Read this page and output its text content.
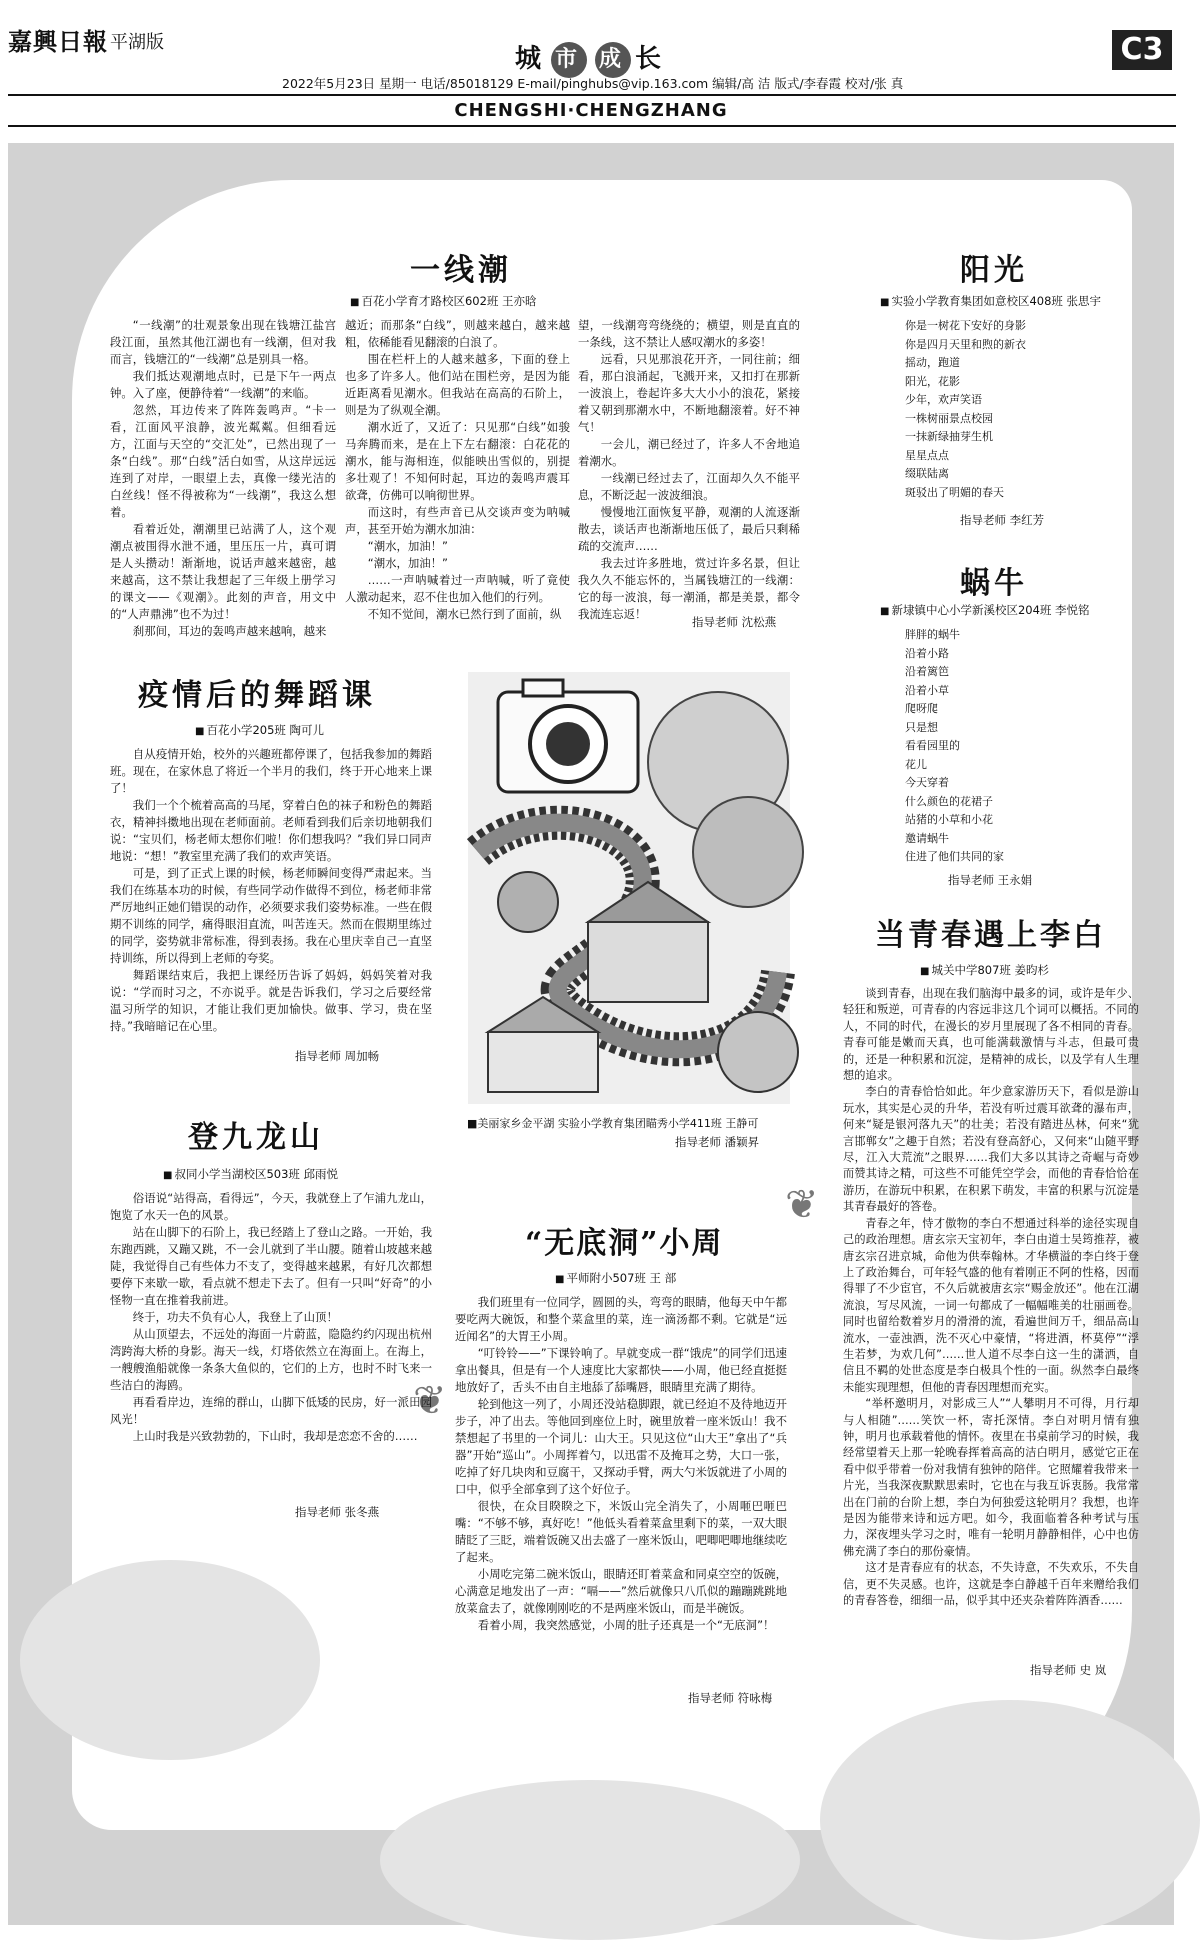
嘉興日報 平湖版
城 市 成 长	C3
2022年5月23日 星期一 电话/85018129 E-mail/pinghubs@vip.163.com 编辑/高 洁 版式/李春霞 校对/张 真
CHENGSHI·CHENGZHANG
❦
❦
一线潮
■ 百花小学育才路校区602班 王亦晗

“一线潮”的壮观景象出现在钱塘江盐宫段江面，虽然其他江湖也有一线潮，但对我而言，钱塘江的“一线潮”总是别具一格。

我们抵达观潮地点时，已是下午一两点钟。入了座，便静待着“一线潮”的来临。

忽然，耳边传来了阵阵轰鸣声。“卡一看，江面风平浪静，波光粼粼。但细看远方，江面与天空的“交汇处”，已然出现了一条“白线”。那“白线”活白如雪，从这岸远远连到了对岸，一眼望上去，真像一缕光洁的白丝线！怪不得被称为“一线潮”，我这么想着。

看着近处，潮潮里已站满了人，这个观潮点被围得水泄不通，里压压一片，真可谓是人头攒动！渐渐地，说话声越来越密，越来越高，这不禁让我想起了三年级上册学习的课文——《观潮》。此刻的声音，用文中的“人声鼎沸”也不为过！

刹那间，耳边的轰鸣声越来越响，越来

越近；而那条“白线”，则越来越白，越来越粗，依稀能看见翻滚的白浪了。

围在栏杆上的人越来越多，下面的登上也多了许多人。他们站在围栏旁，是因为能近距离看见潮水。但我站在高高的石阶上，则是为了纵观全潮。

潮水近了，又近了：只见那“白线”如骏马奔腾而来，是在上下左右翻滚：白花花的潮水，能与海相连，似能映出雪似的，别提多壮观了！不知何时起，耳边的轰鸣声震耳欲聋，仿佛可以响彻世界。

而这时，有些声音已从交谈声变为呐喊声，甚至开始为潮水加油：

“潮水，加油！”

“潮水，加油！”

……一声呐喊着过一声呐喊，听了竟使人激动起来，忍不住也加入他们的行列。

不知不觉间，潮水已然行到了面前，纵

望，一线潮弯弯绕绕的；横望，则是直直的一条线，这不禁让人感叹潮水的多姿！

远看，只见那浪花开齐，一同往前；细看，那白浪涌起，飞溅开来，又扣打在那新一波浪上，卷起许多大大小小的浪花，紧接着又朝到那潮水中，不断地翻滚着。好不神气！

一会儿，潮已经过了，许多人不舍地追着潮水。

一线潮已经过去了，江面却久久不能平息，不断泛起一波波细浪。

慢慢地江面恢复平静，观潮的人流逐渐散去，谈话声也渐渐地压低了，最后只剩稀疏的交流声……

我去过许多胜地，赏过许多名景，但让我久久不能忘怀的，当属钱塘江的一线潮：它的每一波浪，每一潮涌，都是美景，都令我流连忘返！

指导老师 沈松燕
阳光
■ 实验小学教育集团如意校区408班 张思宇
你是一树花下安好的身影
你是四月天里和煦的新衣
摇动，跑道
阳光，花影
少年，欢声笑语
一株树丽景点校园
一抹新绿抽芽生机
星星点点
缀联陆离
斑驳出了明媚的春天
指导老师 李红芳
蜗牛
■ 新埭镇中心小学新溪校区204班 李悦铭
胖胖的蜗牛
沿着小路
沿着篱笆
沿着小草
爬呀爬
只是想
看看园里的
花儿
今天穿着
什么颜色的花裙子
站猪的小草和小花
邀请蜗牛
住进了他们共同的家
指导老师 王永娟
疫情后的舞蹈课
■ 百花小学205班 陶可儿

自从疫情开始，校外的兴趣班都停课了，包括我参加的舞蹈班。现在，在家休息了将近一个半月的我们，终于开心地来上课了！

我们一个个梳着高高的马尾，穿着白色的袜子和粉色的舞蹈衣，精神抖擞地出现在老师面前。老师看到我们后亲切地朝我们说：“宝贝们，杨老师太想你们啦！你们想我吗？”我们异口同声地说：“想！”教室里充满了我们的欢声笑语。

可是，到了正式上课的时候，杨老师瞬间变得严肃起来。当我们在练基本功的时候，有些同学动作做得不到位，杨老师非常严厉地纠正她们错误的动作，必须要求我们姿势标准。一些在假期不训练的同学，痛得眼泪直流，叫苦连天。然而在假期里练过的同学，姿势就非常标准，得到表扬。我在心里庆幸自己一直坚持训练，所以得到上老师的夸奖。

舞蹈课结束后，我把上课经历告诉了妈妈，妈妈笑着对我说：“学而时习之，不亦说乎。就是告诉我们，学习之后要经常温习所学的知识，才能让我们更加愉快。做事、学习，贵在坚持。”我暗暗记在心里。

指导老师 周加畅
■美丽家乡金平湖 实验小学教育集团瞄秀小学411班 王静可
指导老师 潘颖昇
登九龙山
■ 叔同小学当湖校区503班 邱雨悦

俗语说“站得高，看得远”，今天，我就登上了乍浦九龙山，饱览了水天一色的风景。

站在山脚下的石阶上，我已经踏上了登山之路。一开始，我东跑西跳，又蹦又跳，不一会儿就到了半山腰。随着山坡越来越陡，我觉得自己有些体力不支了，变得越来越累，有好几次都想要停下来歇一歇，看点就不想走下去了。但有一只叫“好奇”的小怪物一直在推着我前进。

终于，功夫不负有心人，我登上了山顶！

从山顶望去，不远处的海面一片蔚蓝，隐隐约约闪现出杭州湾跨海大桥的身影。海天一线，灯塔依然立在海面上。在海上，一艘艘渔船就像一条条大鱼似的，它们的上方，也时不时飞来一些洁白的海鸥。

再看看岸边，连绵的群山，山脚下低矮的民房，好一派田园风光！

上山时我是兴致勃勃的，下山时，我却是恋恋不舍的……

指导老师 张冬燕
“无底洞”小周
■ 平师附小507班 王 部

我们班里有一位同学，圆圆的头，弯弯的眼睛，他每天中午都要吃两大碗饭，和整个菜盒里的菜，连一滴汤都不剩。它就是“远近闻名”的大胃王小周。

“叮铃铃——”下课铃响了。早就变成一群“饿虎”的同学们迅速拿出餐具，但是有一个人速度比大家都快——小周，他已经直挺挺地放好了，舌头不由自主地舔了舔嘴唇，眼睛里充满了期待。

轮到他这一列了，小周还没站稳脚跟，就已经迫不及待地迈开步子，冲了出去。等他回到座位上时，碗里放着一座米饭山！我不禁想起了书里的一个词儿：山大王。只见这位“山大王”拿出了“兵器”开始“巡山”。小周挥着勺，以迅雷不及掩耳之势，大口一张，吃掉了好几块肉和豆腐干，又探动手臂，两大勺米饭就进了小周的口中，似乎全部拿到了这个好位子。

很快，在众目睽睽之下，米饭山完全消失了，小周咂巴咂巴嘴：“不够不够，真好吃！”他低头看着菜盒里剩下的菜，一双大眼睛眨了三眨，端着饭碗又出去盛了一座米饭山，吧唧吧唧地继续吃了起来。

小周吃完第二碗米饭山，眼睛还盯着菜盒和同桌空空的饭碗，心满意足地发出了一声：“嗝——”然后就像只八爪似的蹦蹦跳跳地放菜盒去了，就像刚刚吃的不是两座米饭山，而是半碗饭。

看着小周，我突然感觉，小周的肚子还真是一个“无底洞”！

指导老师 符咏梅
当青春遇上李白
■ 城关中学807班 姜昀杉

谈到青春，出现在我们脑海中最多的词，或许是年少、轻狂和叛逆，可青春的内容远非这几个词可以概括。不同的人，不同的时代，在漫长的岁月里展现了各不相同的青春。青春可能是嫩而天真，也可能满载激情与斗志，但最可贵的，还是一种积累和沉淀，是精神的成长，以及学有人生理想的追求。

李白的青春恰恰如此。年少意家游历天下，看似是游山玩水，其实是心灵的升华，若没有听过震耳欲聋的瀑布声，何来“疑是银河落九天”的壮美；若没有踏进丛林，何来“犹言邯郸女”之趣于自然；若没有登高舒心，又何来“山随平野尽，江入大荒流”之眼界……我们大多以其诗之奇崛与奇妙而赞其诗之精，可这些不可能凭空学会，而他的青春恰恰在游历，在游玩中积累，在积累下萌发，丰富的积累与沉淀是其青春最好的答卷。

青春之年，恃才傲物的李白不想通过科举的途径实现自己的政治理想。唐玄宗天宝初年，李白由道士吴筠推荐，被唐玄宗召进京城，命他为供奉翰林。才华横溢的李白终于登上了政治舞台，可年轻气盛的他有着刚正不阿的性格，因而得罪了不少宦官，不久后就被唐玄宗“赐金放还”。他在江湖流浪，写尽风流，一词一句都成了一幅幅唯美的壮丽画卷。同时也留给数着岁月的滑滑的流，看遍世间万千，细品高山流水，一壶浊酒，洗不灭心中豪情，“将进酒，杯莫停”“浮生若梦，为欢几何”……世人道不尽李白这一生的潇洒，自信且不羁的处世态度是李白极具个性的一面。纵然李白最终未能实现理想，但他的青春因理想而充实。

“举杯邀明月，对影成三人”“人攀明月不可得，月行却与人相随”……笑饮一杯，寄托深情。李白对明月情有独钟，明月也承载着他的情怀。夜里在书桌前学习的时候，我经常望着天上那一轮晚春挥着高高的洁白明月，感觉它正在看中似乎带着一份对我情有独钟的陪伴。它照耀着我带来一片光，当我深夜默默思索时，它也在与我互诉衷肠。我常常出在门前的台阶上想，李白为何独爱这轮明月？我想，也许是因为能带来诗和远方吧。如今，我面临着各种考试与压力，深夜埋头学习之时，唯有一轮明月静静相伴，心中也仿佛充满了李白的那份豪情。

这才是青春应有的状态，不失诗意，不失欢乐，不失自信，更不失灵感。也许，这就是李白静越千百年来赠给我们的青春答卷，细细一品，似乎其中还夹杂着阵阵酒香……

指导老师 史 岚
